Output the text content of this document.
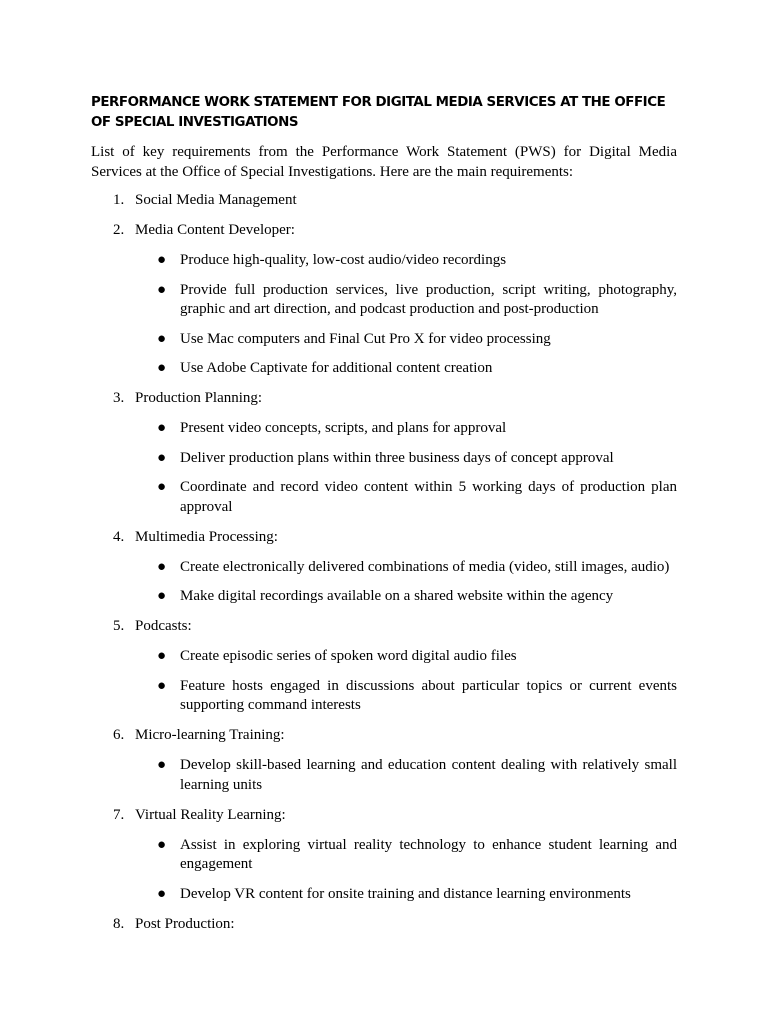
PERFORMANCE WORK STATEMENT FOR DIGITAL MEDIA SERVICES AT THE OFFICE OF SPECIAL INVESTIGATIONS

List of key requirements from the Performance Work Statement (PWS) for Digital Media Services at the Office of Special Investigations. Here are the main requirements:

1. Social Media Management
2. Media Content Developer:
● Produce high-quality, low-cost audio/video recordings
● Provide full production services, live production, script writing, photography, graphic and art direction, and podcast production and post-production
● Use Mac computers and Final Cut Pro X for video processing
● Use Adobe Captivate for additional content creation
3. Production Planning:
● Present video concepts, scripts, and plans for approval
● Deliver production plans within three business days of concept approval
● Coordinate and record video content within 5 working days of production plan approval
4. Multimedia Processing:
● Create electronically delivered combinations of media (video, still images, audio)
● Make digital recordings available on a shared website within the agency
5. Podcasts:
● Create episodic series of spoken word digital audio files
● Feature hosts engaged in discussions about particular topics or current events supporting command interests
6. Micro-learning Training:
● Develop skill-based learning and education content dealing with relatively small learning units
7. Virtual Reality Learning:
● Assist in exploring virtual reality technology to enhance student learning and engagement
● Develop VR content for onsite training and distance learning environments
8. Post Production:
